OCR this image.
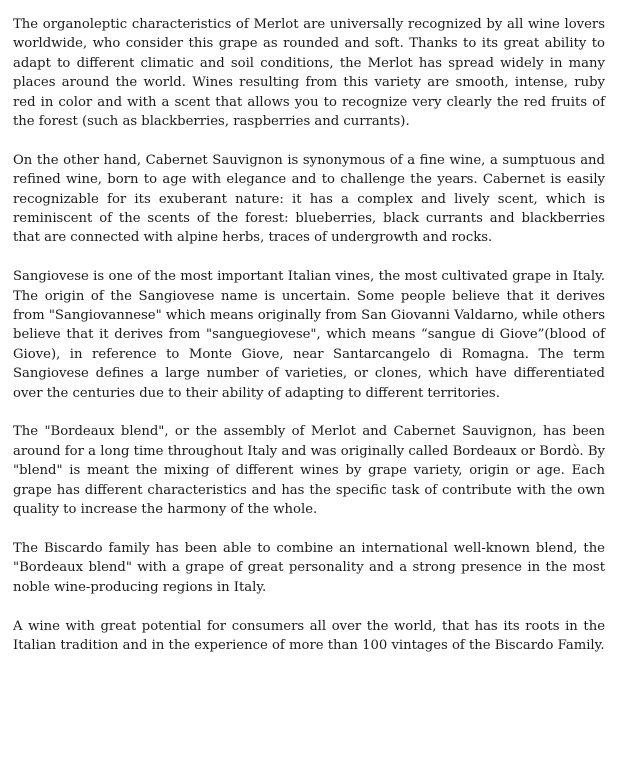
The organoleptic characteristics of Merlot are universally recognized by all wine lovers worldwide, who consider this grape as rounded and soft. Thanks to its great ability to adapt to different climatic and soil conditions, the Merlot has spread widely in many places around the world. Wines resulting from this variety are smooth, intense, ruby red in color and with a scent that allows you to recognize very clearly the red fruits of the forest (such as blackberries, raspberries and currants).

On the other hand, Cabernet Sauvignon is synonymous of a fine wine, a sumptuous and refined wine, born to age with elegance and to challenge the years. Cabernet is easily recognizable for its exuberant nature: it has a complex and lively scent, which is reminiscent of the scents of the forest: blueberries, black currants and blackberries that are connected with alpine herbs, traces of undergrowth and rocks.

Sangiovese is one of the most important Italian vines, the most cultivated grape in Italy. The origin of the Sangiovese name is uncertain. Some people believe that it derives from "Sangiovannese" which means originally from San Giovanni Valdarno, while others believe that it derives from "sanguegiovese", which means “sangue di Giove”(blood of Giove), in reference to Monte Giove, near Santarcangelo di Romagna. The term Sangiovese defines a large number of varieties, or clones, which have differentiated over the centuries due to their ability of adapting to different territories.

The "Bordeaux blend", or the assembly of Merlot and Cabernet Sauvignon, has been around for a long time throughout Italy and was originally called Bordeaux or Bordò. By "blend" is meant the mixing of different wines by grape variety, origin or age. Each grape has different characteristics and has the specific task of contribute with the own quality to increase the harmony of the whole.

The Biscardo family has been able to combine an international well-known blend, the "Bordeaux blend" with a grape of great personality and a strong presence in the most noble wine-producing regions in Italy.

A wine with great potential for consumers all over the world, that has its roots in the Italian tradition and in the experience of more than 100 vintages of the Biscardo Family.
